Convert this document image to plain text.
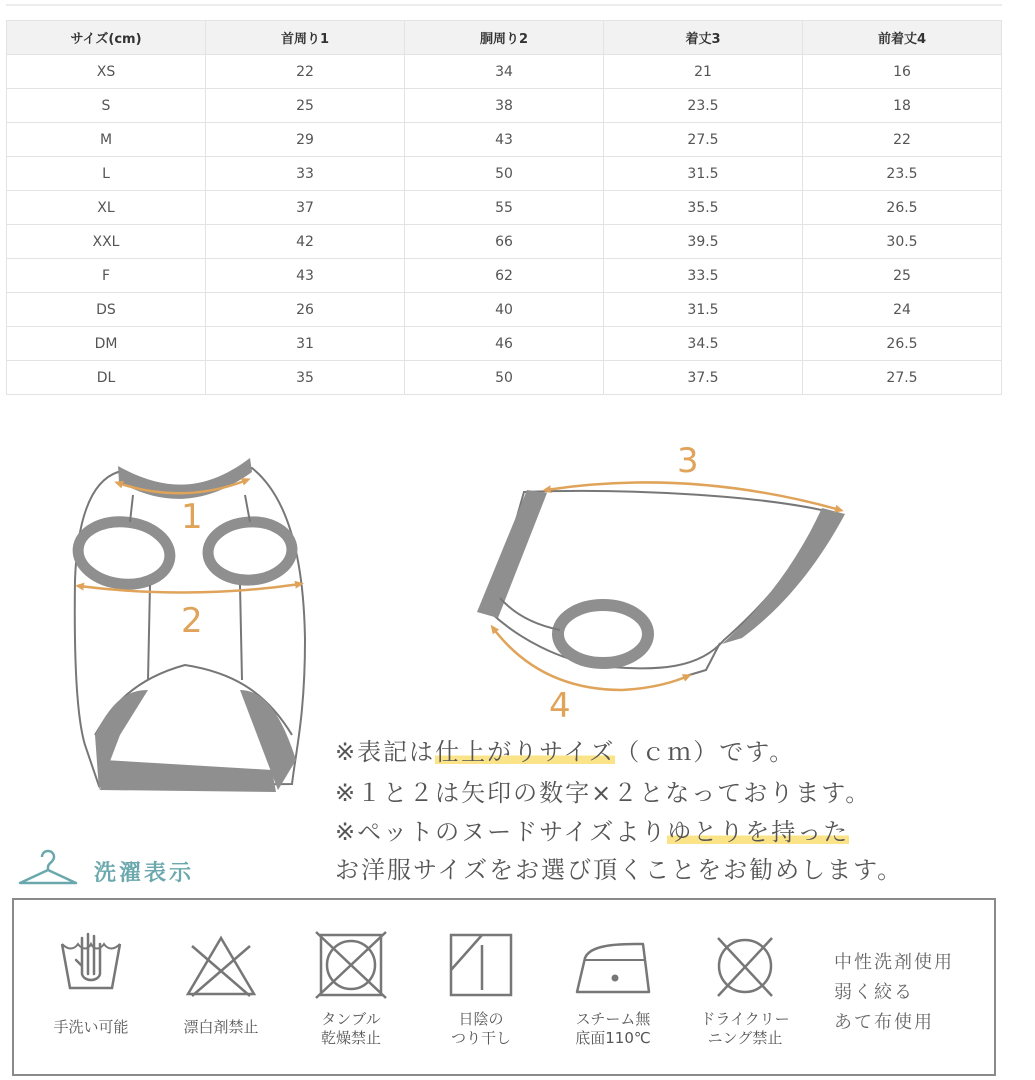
サイズ(cm)	首周り1	胴周り2	着丈3	前着丈4
XS	22	34	21	16
S	25	38	23.5	18
M	29	43	27.5	22
L	33	50	31.5	23.5
XL	37	55	35.5	26.5
XXL	42	66	39.5	30.5
F	43	62	33.5	25
DS	26	40	31.5	24
DM	31	46	34.5	26.5
DL	35	50	37.5	27.5
1
2
3
4
※表記は仕上がりサイズ（ｃｍ）です。
※１と２は矢印の数字×２となっております。
※ペットのヌードサイズよりゆとりを持った
お洋服サイズをお選び頂くことをお勧めします。
洗濯表示
手洗い可能	漂白剤禁止	タンブル
乾燥禁止
日陰の
つり干し
スチーム無
底面110℃
ドライクリー
ニング禁止
中性洗剤使用
弱く絞る
あて布使用
